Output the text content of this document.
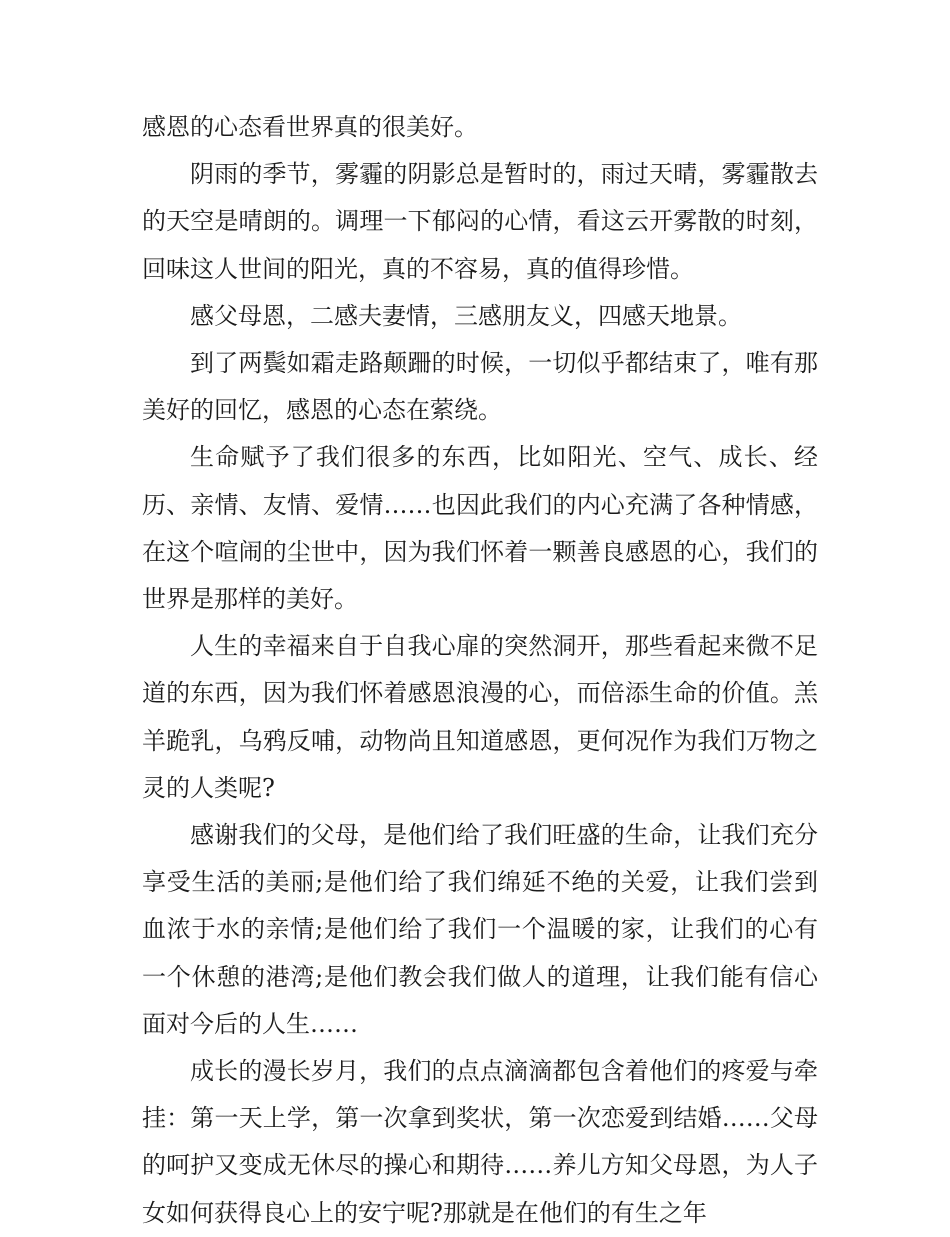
感恩的心态看世界真的很美好。

阴雨的季节，雾霾的阴影总是暂时的，雨过天晴，雾霾散去的天空是晴朗的。调理一下郁闷的心情，看这云开雾散的时刻，回味这人世间的阳光，真的不容易，真的值得珍惜。

感父母恩，二感夫妻情，三感朋友义，四感天地景。

到了两鬓如霜走路颠跚的时候，一切似乎都结束了，唯有那美好的回忆，感恩的心态在萦绕。

生命赋予了我们很多的东西，比如阳光、空气、成长、经历、亲情、友情、爱情……也因此我们的内心充满了各种情感，在这个喧闹的尘世中，因为我们怀着一颗善良感恩的心，我们的世界是那样的美好。

人生的幸福来自于自我心扉的突然洞开，那些看起来微不足道的东西，因为我们怀着感恩浪漫的心，而倍添生命的价值。羔羊跪乳，乌鸦反哺，动物尚且知道感恩，更何况作为我们万物之灵的人类呢?

感谢我们的父母，是他们给了我们旺盛的生命，让我们充分享受生活的美丽;是他们给了我们绵延不绝的关爱，让我们尝到血浓于水的亲情;是他们给了我们一个温暖的家，让我们的心有一个休憩的港湾;是他们教会我们做人的道理，让我们能有信心面对今后的人生……

成长的漫长岁月，我们的点点滴滴都包含着他们的疼爱与牵挂：第一天上学，第一次拿到奖状，第一次恋爱到结婚……父母的呵护又变成无休尽的操心和期待……养儿方知父母恩，为人子女如何获得良心上的安宁呢?那就是在他们的有生之年
